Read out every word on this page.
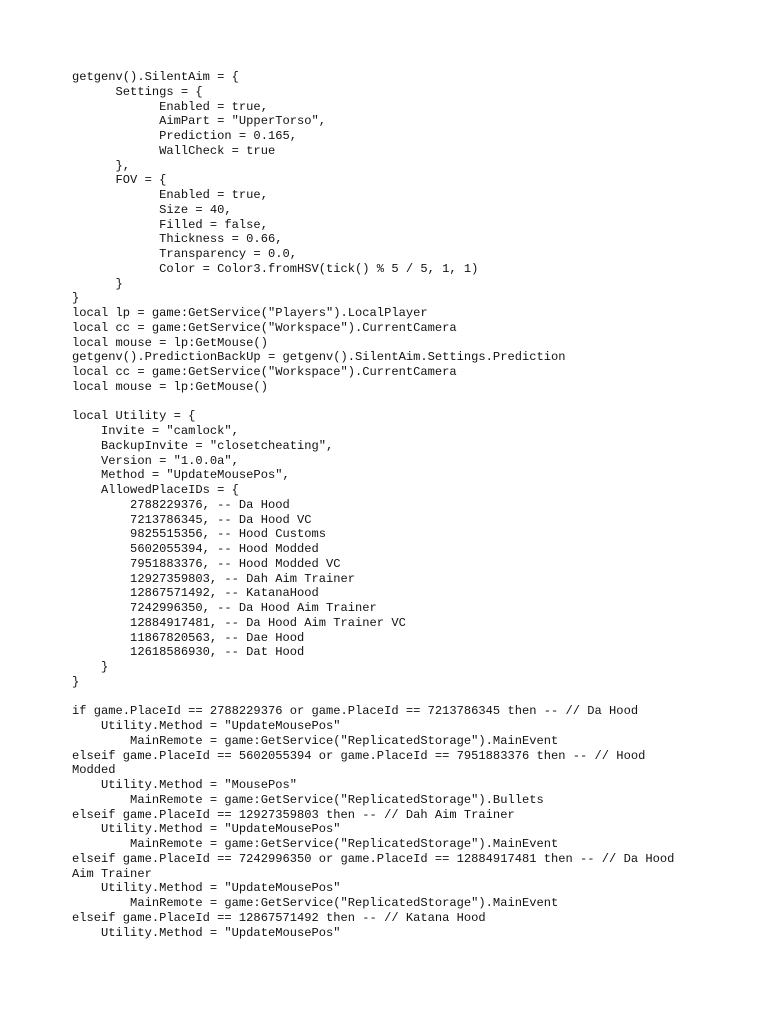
getgenv().SilentAim = {
Settings = {
Enabled = true,
AimPart = "UpperTorso",
Prediction = 0.165,
WallCheck = true
},
FOV = {
Enabled = true,
Size = 40,
Filled = false,
Thickness = 0.66,
Transparency = 0.0,
Color = Color3.fromHSV(tick() % 5 / 5, 1, 1)
}
}
local lp = game:GetService("Players").LocalPlayer
local cc = game:GetService("Workspace").CurrentCamera
local mouse = lp:GetMouse()
getgenv().PredictionBackUp = getgenv().SilentAim.Settings.Prediction
local cc = game:GetService("Workspace").CurrentCamera
local mouse = lp:GetMouse()
local Utility = {
Invite = "camlock",
BackupInvite = "closetcheating",
Version = "1.0.0a",
Method = "UpdateMousePos",
AllowedPlaceIDs = {
2788229376, -- Da Hood
7213786345, -- Da Hood VC
9825515356, -- Hood Customs
5602055394, -- Hood Modded
7951883376, -- Hood Modded VC
12927359803, -- Dah Aim Trainer
12867571492, -- KatanaHood
7242996350, -- Da Hood Aim Trainer
12884917481, -- Da Hood Aim Trainer VC
11867820563, -- Dae Hood
12618586930, -- Dat Hood
}
}
if game.PlaceId == 2788229376 or game.PlaceId == 7213786345 then -- // Da Hood
Utility.Method = "UpdateMousePos"
MainRemote = game:GetService("ReplicatedStorage").MainEvent
elseif game.PlaceId == 5602055394 or game.PlaceId == 7951883376 then -- // Hood
Modded
Utility.Method = "MousePos"
MainRemote = game:GetService("ReplicatedStorage").Bullets
elseif game.PlaceId == 12927359803 then -- // Dah Aim Trainer
Utility.Method = "UpdateMousePos"
MainRemote = game:GetService("ReplicatedStorage").MainEvent
elseif game.PlaceId == 7242996350 or game.PlaceId == 12884917481 then -- // Da Hood
Aim Trainer
Utility.Method = "UpdateMousePos"
MainRemote = game:GetService("ReplicatedStorage").MainEvent
elseif game.PlaceId == 12867571492 then -- // Katana Hood
Utility.Method = "UpdateMousePos"
